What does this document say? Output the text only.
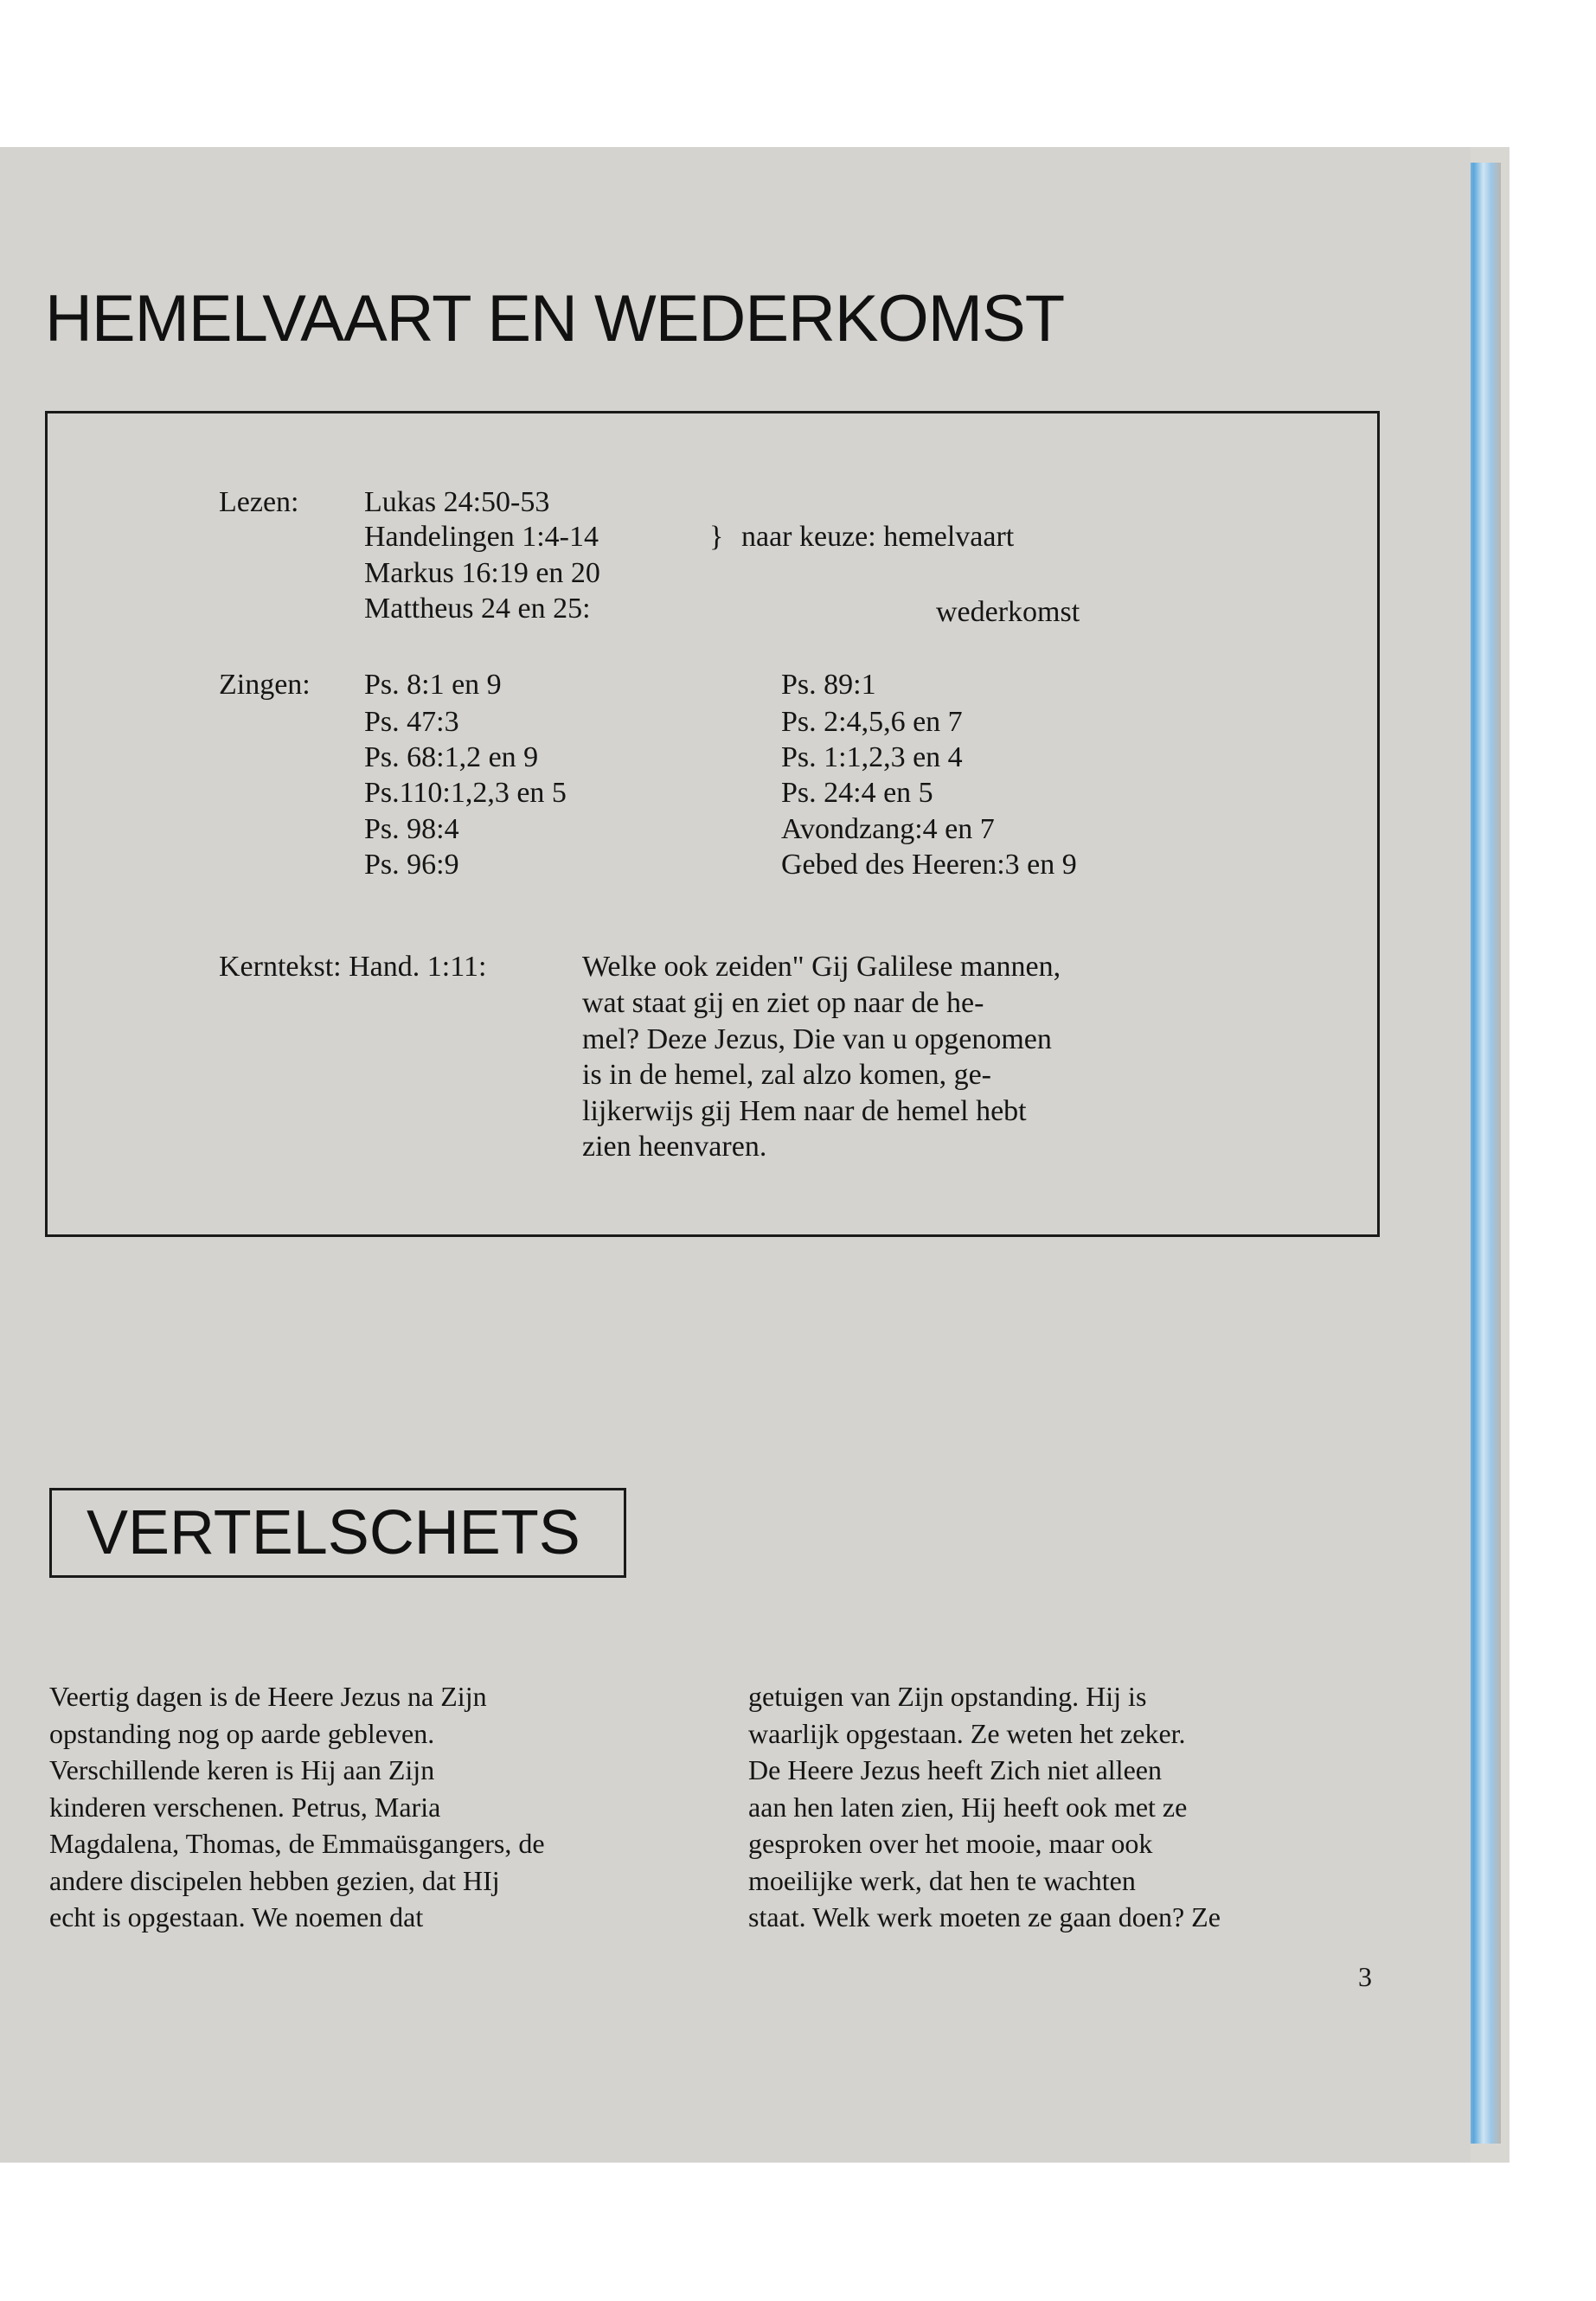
HEMELVAART EN WEDERKOMST
Lezen: Lukas 24:50-53
Handelingen 1:4-14
Markus 16:19 en 20
Mattheus 24 en 25:
} naar keuze: hemelvaart
wederkomst
Zingen: Ps. 8:1 en 9
Ps. 47:3
Ps. 68:1,2 en 9
Ps.110:1,2,3 en 5
Ps. 98:4
Ps. 96:9
Ps. 89:1
Ps. 2:4,5,6 en 7
Ps. 1:1,2,3 en 4
Ps. 24:4 en 5
Avondzang:4 en 7
Gebed des Heeren:3 en 9
Kerntekst: Hand. 1:11:	Welke ook zeiden" Gij Galilese mannen,
wat staat gij en ziet op naar de he-
mel? Deze Jezus, Die van u opgenomen
is in de hemel, zal alzo komen, ge-
lijkerwijs gij Hem naar de hemel hebt
zien heenvaren.
VERTELSCHETS
Veertig dagen is de Heere Jezus na Zijn
opstanding nog op aarde gebleven.
Verschillende keren is Hij aan Zijn
kinderen verschenen. Petrus, Maria
Magdalena, Thomas, de Emmaüsgangers, de
andere discipelen hebben gezien, dat HIj
echt is opgestaan. We noemen dat
getuigen van Zijn opstanding. Hij is
waarlijk opgestaan. Ze weten het zeker.
De Heere Jezus heeft Zich niet alleen
aan hen laten zien, Hij heeft ook met ze
gesproken over het mooie, maar ook
moeilijke werk, dat hen te wachten
staat. Welk werk moeten ze gaan doen? Ze
3
